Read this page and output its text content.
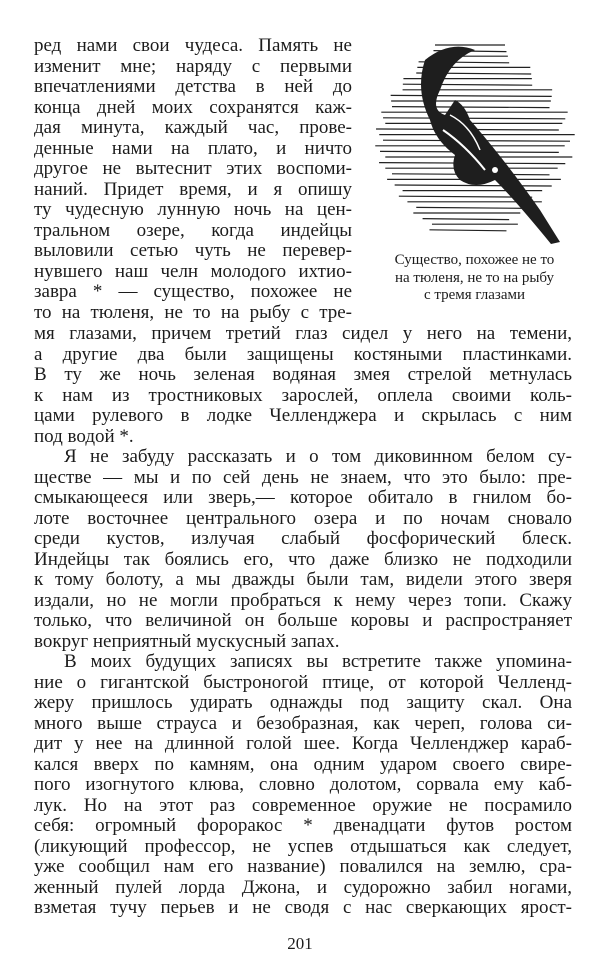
ред нами свои чудеса. Память не
изменит мне; наряду с первыми
впечатлениями детства в ней до
конца дней моих сохранятся каж-
дая минута, каждый час, прове-
денные нами на плато, и ничто
другое не вытеснит этих воспоми-
наний. Придет время, и я опишу
ту чудесную лунную ночь на цен-
тральном озере, когда индейцы
выловили сетью чуть не перевер-
нувшего наш челн молодого ихтио-
завра * — существо, похожее не
то на тюленя, не то на рыбу с тре-
Существо, похожее не то
на тюленя, не то на рыбу
с тремя глазами
мя глазами, причем третий глаз сидел у него на темени,
а другие два были защищены костяными пластинками.
В ту же ночь зеленая водяная змея стрелой метнулась
к нам из тростниковых зарослей, оплела своими коль-
цами рулевого в лодке Челленджера и скрылась с ним
под водой *.
Я не забуду рассказать и о том диковинном белом су-
ществе — мы и по сей день не знаем, что это было: пре-
смыкающееся или зверь,— которое обитало в гнилом бо-
лоте восточнее центрального озера и по ночам сновало
среди кустов, излучая слабый фосфорический блеск.
Индейцы так боялись его, что даже близко не подходили
к тому болоту, а мы дважды были там, видели этого зверя
издали, но не могли пробраться к нему через топи. Скажу
только, что величиной он больше коровы и распространяет
вокруг неприятный мускусный запах.
В моих будущих записях вы встретите также упомина-
ние о гигантской быстроногой птице, от которой Челленд-
жеру пришлось удирать однажды под защиту скал. Она
много выше страуса и безобразная, как череп, голова си-
дит у нее на длинной голой шее. Когда Челленджер караб-
кался вверх по камням, она одним ударом своего свире-
пого изогнутого клюва, словно долотом, сорвала ему каб-
лук. Но на этот раз современное оружие не посрамило
себя: огромный фороракос * двенадцати футов ростом
(ликующий профессор, не успев отдышаться как следует,
уже сообщил нам его название) повалился на землю, сра-
женный пулей лорда Джона, и судорожно забил ногами,
взметая тучу перьев и не сводя с нас сверкающих ярост-
201
